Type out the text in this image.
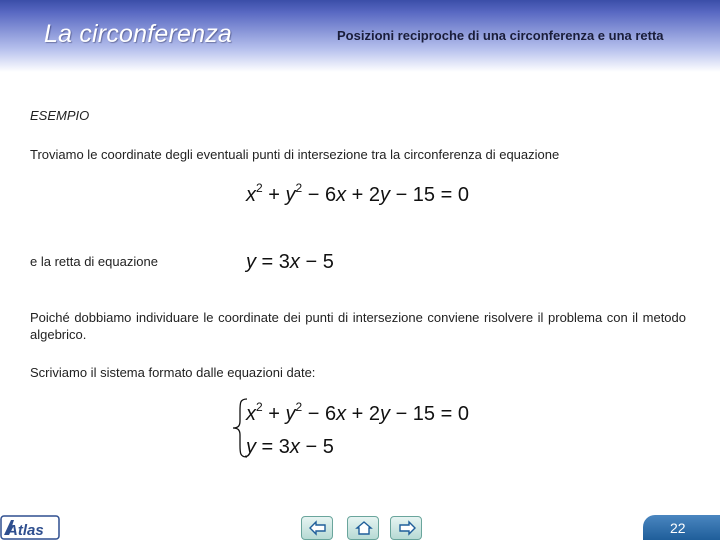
La circonferenza	Posizioni reciproche di una circonferenza e una retta
ESEMPIO
Troviamo le coordinate degli eventuali punti di intersezione tra la circonferenza di equazione
$x^2 + y^2 - 6x + 2y - 15 = 0$
e la retta di equazione	y = 3x − 5
Poiché dobbiamo individuare le coordinate dei punti di intersezione conviene risolvere il problema con il metodo algebrico.
Scriviamo il sistema formato dalle equazioni date:
$x^2 + y^2 - 6x + 2y - 15 = 0$
y = 3x − 5
Atlas	22
